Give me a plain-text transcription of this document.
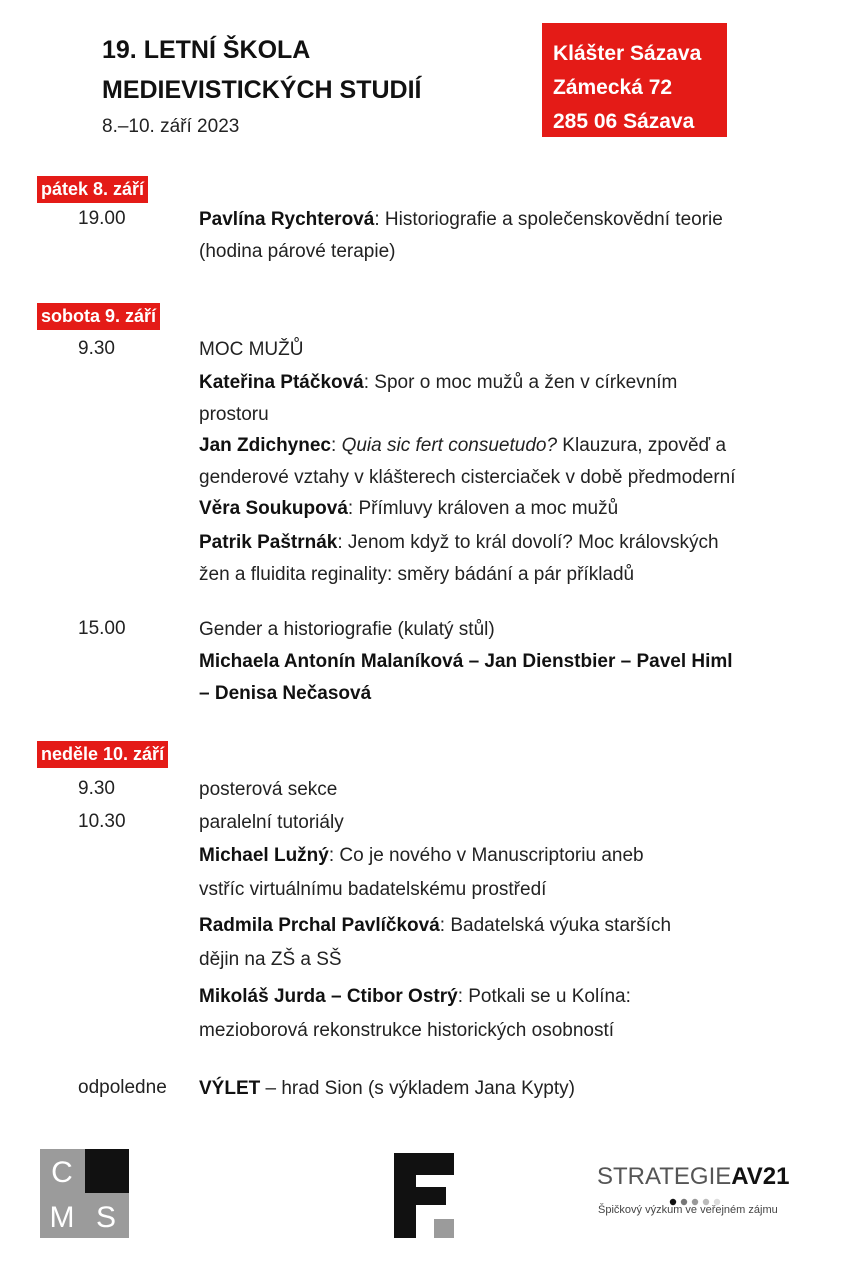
19. LETNÍ ŠKOLA
MEDIEVISTICKÝCH STUDIÍ
8.–10. září 2023
Klášter Sázava
Zámecká 72
285 06 Sázava
pátek 8. září
19.00	Pavlína Rychterová: Historiografie a společenskovědní teorie
(hodina párové terapie)
sobota 9. září
9.30	MOC MUŽŮ
Kateřina Ptáčková: Spor o moc mužů a žen v církevním
prostoru
Jan Zdichynec: Quia sic fert consuetudo? Klauzura, zpověď a
genderové vztahy v klášterech cisterciaček v době předmoderní
Věra Soukupová: Přímluvy královen a moc mužů
Patrik Paštrnák: Jenom když to král dovolí? Moc královských
žen a fluidita reginality: směry bádání a pár příkladů
15.00	Gender a historiografie (kulatý stůl)
Michaela Antonín Malaníková – Jan Dienstbier – Pavel Himl
– Denisa Nečasová
neděle 10. září
9.30	posterová sekce
10.30	paralelní tutoriály
Michael Lužný: Co je nového v Manuscriptoriu aneb
vstříc virtuálnímu badatelskému prostředí
Radmila Prchal Pavlíčková: Badatelská výuka starších
dějin na ZŠ a SŠ
Mikoláš Jurda – Ctibor Ostrý: Potkali se u Kolína:
mezioborová rekonstrukce historických osobností
odpoledne VÝLET – hrad Sion (s výkladem Jana Kypty)
C
M S
STRATEGIEAV21
Špičkový výzkum ve veřejném zájmu
